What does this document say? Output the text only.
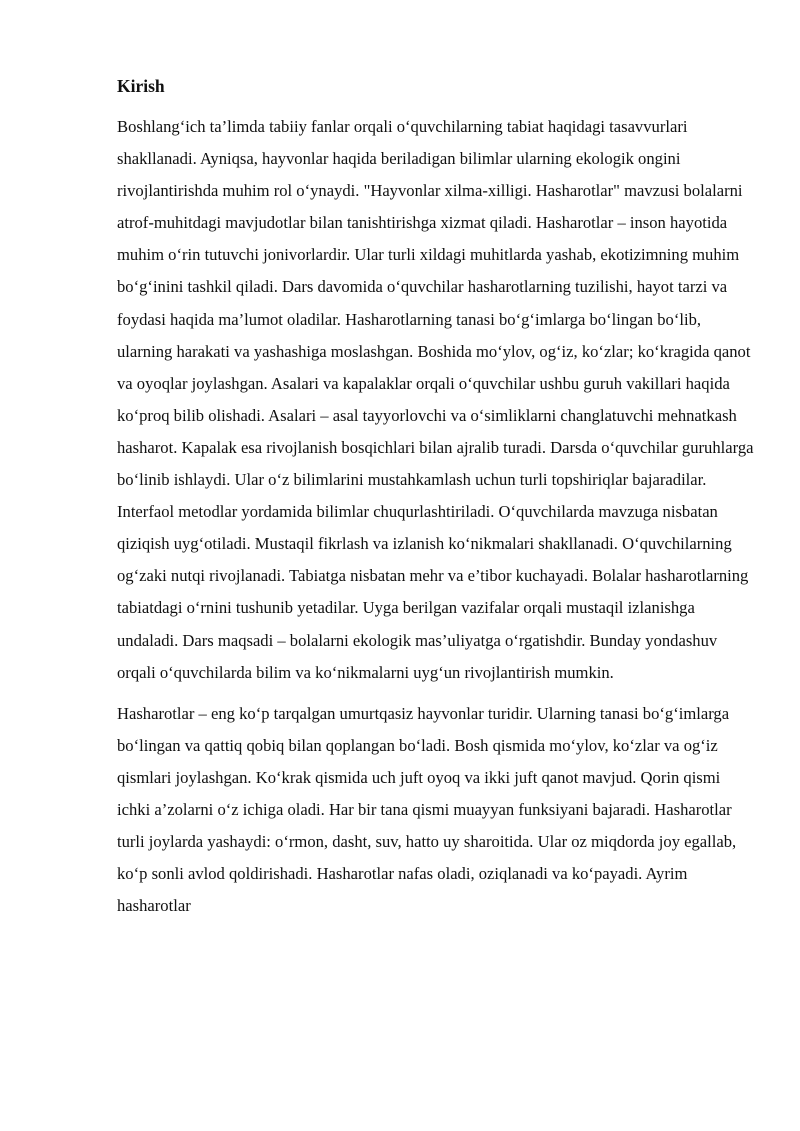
Kirish

Boshlang‘ich ta’limda tabiiy fanlar orqali o‘quvchilarning tabiat haqidagi tasavvurlari shakllanadi. Ayniqsa, hayvonlar haqida beriladigan bilimlar ularning ekologik ongini rivojlantirishda muhim rol o‘ynaydi. "Hayvonlar xilma-xilligi. Hasharotlar" mavzusi bolalarni atrof-muhitdagi mavjudotlar bilan tanishtirishga xizmat qiladi. Hasharotlar – inson hayotida muhim o‘rin tutuvchi jonivorlardir. Ular turli xildagi muhitlarda yashab, ekotizimning muhim bo‘g‘inini tashkil qiladi. Dars davomida o‘quvchilar hasharotlarning tuzilishi, hayot tarzi va foydasi haqida ma’lumot oladilar. Hasharotlarning tanasi bo‘g‘imlarga bo‘lingan bo‘lib, ularning harakati va yashashiga moslashgan. Boshida mo‘ylov, og‘iz, ko‘zlar; ko‘kragida qanot va oyoqlar joylashgan. Asalari va kapalaklar orqali o‘quvchilar ushbu guruh vakillari haqida ko‘proq bilib olishadi. Asalari – asal tayyorlovchi va o‘simliklarni changlatuvchi mehnatkash hasharot. Kapalak esa rivojlanish bosqichlari bilan ajralib turadi. Darsda o‘quvchilar guruhlarga bo‘linib ishlaydi. Ular o‘z bilimlarini mustahkamlash uchun turli topshiriqlar bajaradilar. Interfaol metodlar yordamida bilimlar chuqurlashtiriladi. O‘quvchilarda mavzuga nisbatan qiziqish uyg‘otiladi. Mustaqil fikrlash va izlanish ko‘nikmalari shakllanadi. O‘quvchilarning og‘zaki nutqi rivojlanadi. Tabiatga nisbatan mehr va e’tibor kuchayadi. Bolalar hasharotlarning tabiatdagi o‘rnini tushunib yetadilar. Uyga berilgan vazifalar orqali mustaqil izlanishga undaladi. Dars maqsadi – bolalarni ekologik mas’uliyatga o‘rgatishdir. Bunday yondashuv orqali o‘quvchilarda bilim va ko‘nikmalarni uyg‘un rivojlantirish mumkin.

Hasharotlar – eng ko‘p tarqalgan umurtqasiz hayvonlar turidir. Ularning tanasi bo‘g‘imlarga bo‘lingan va qattiq qobiq bilan qoplangan bo‘ladi. Bosh qismida mo‘ylov, ko‘zlar va og‘iz qismlari joylashgan. Ko‘krak qismida uch juft oyoq va ikki juft qanot mavjud. Qorin qismi ichki a’zolarni o‘z ichiga oladi. Har bir tana qismi muayyan funksiyani bajaradi. Hasharotlar turli joylarda yashaydi: o‘rmon, dasht, suv, hatto uy sharoitida. Ular oz miqdorda joy egallab, ko‘p sonli avlod qoldirishadi. Hasharotlar nafas oladi, oziqlanadi va ko‘payadi. Ayrim hasharotlar
